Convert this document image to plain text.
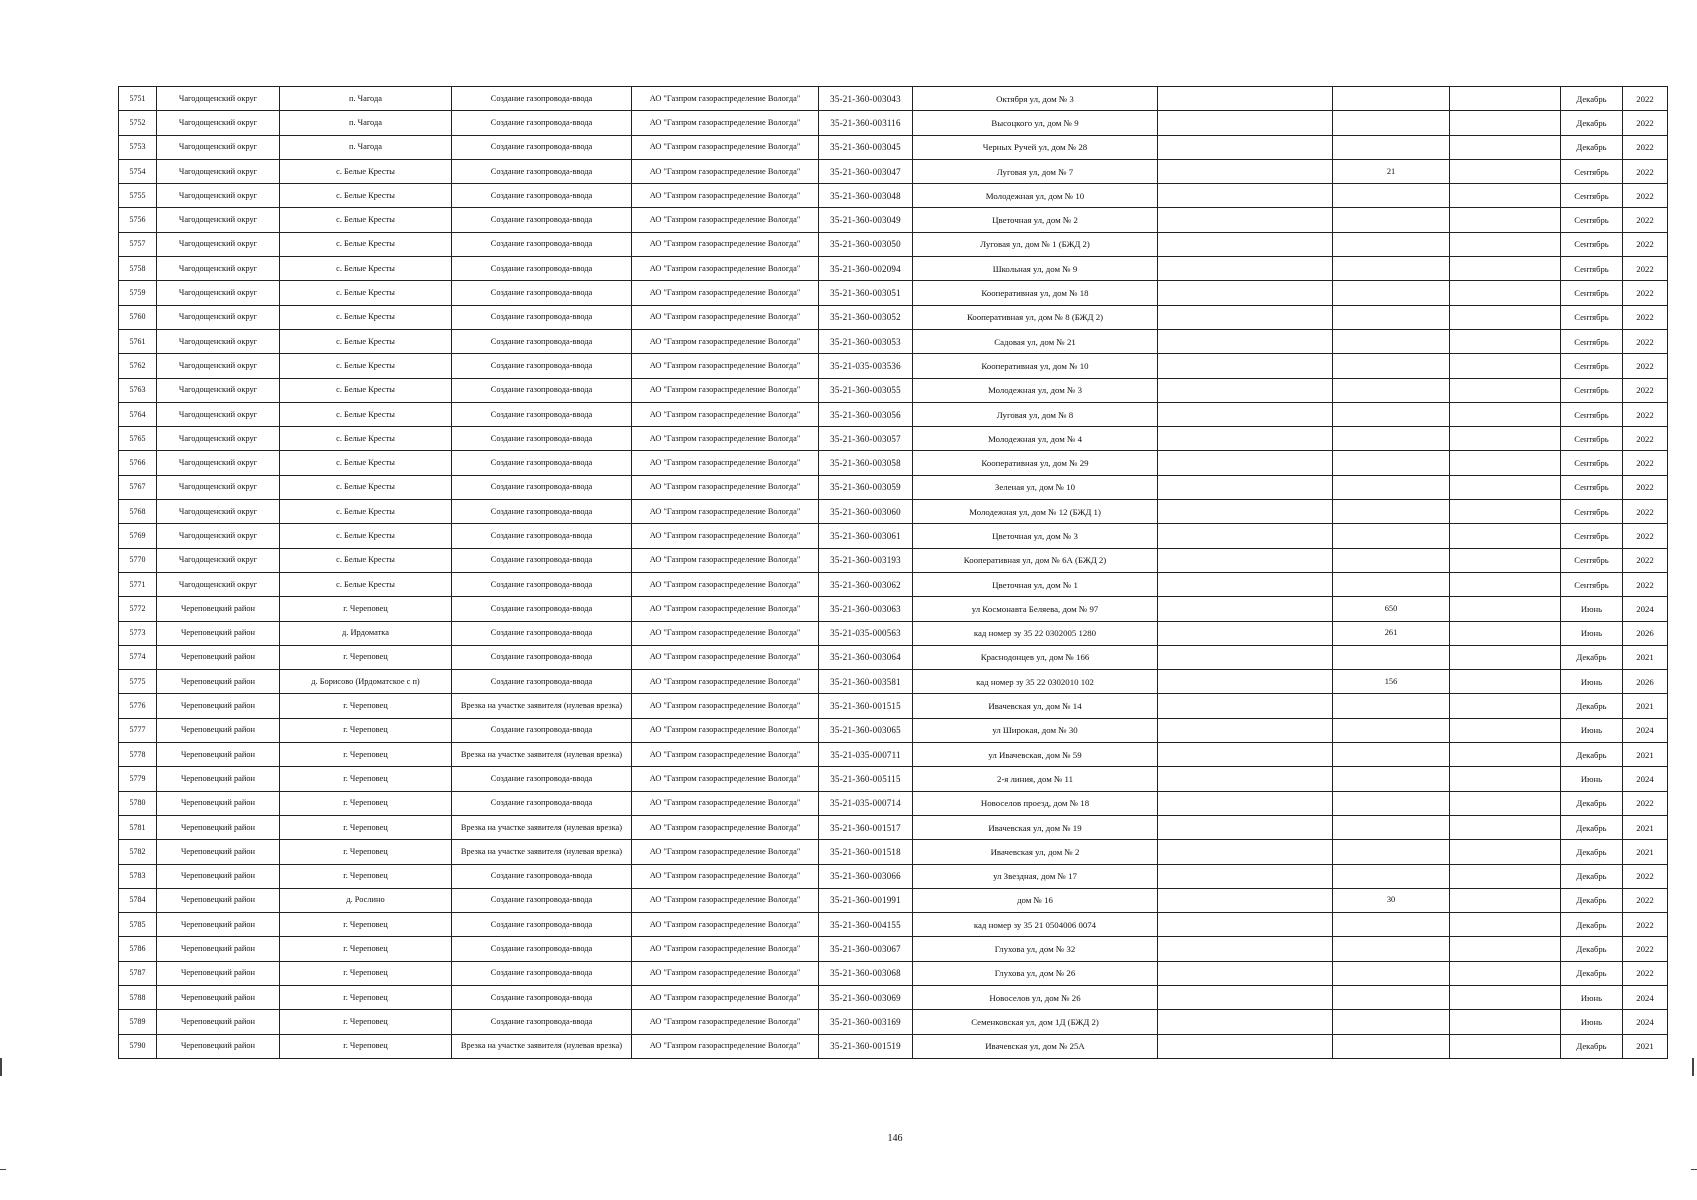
5751	Чагодощенский округ	п. Чагода	Создание газопровода-ввода	АО "Газпром газораспределение Вологда"	35-21-360-003043	Октября ул, дом № 3				Декабрь	2022
5752	Чагодощенский округ	п. Чагода	Создание газопровода-ввода	АО "Газпром газораспределение Вологда"	35-21-360-003116	Высоцкого ул, дом № 9				Декабрь	2022
5753	Чагодощенский округ	п. Чагода	Создание газопровода-ввода	АО "Газпром газораспределение Вологда"	35-21-360-003045	Черных Ручей ул, дом № 28				Декабрь	2022
5754	Чагодощенский округ	с. Белые Кресты	Создание газопровода-ввода	АО "Газпром газораспределение Вологда"	35-21-360-003047	Луговая ул, дом № 7		21		Сентябрь	2022
5755	Чагодощенский округ	с. Белые Кресты	Создание газопровода-ввода	АО "Газпром газораспределение Вологда"	35-21-360-003048	Молодежная ул, дом № 10				Сентябрь	2022
5756	Чагодощенский округ	с. Белые Кресты	Создание газопровода-ввода	АО "Газпром газораспределение Вологда"	35-21-360-003049	Цветочная ул, дом № 2				Сентябрь	2022
5757	Чагодощенский округ	с. Белые Кресты	Создание газопровода-ввода	АО "Газпром газораспределение Вологда"	35-21-360-003050	Луговая ул, дом № 1 (БЖД 2)				Сентябрь	2022
5758	Чагодощенский округ	с. Белые Кресты	Создание газопровода-ввода	АО "Газпром газораспределение Вологда"	35-21-360-002094	Школьная ул, дом № 9				Сентябрь	2022
5759	Чагодощенский округ	с. Белые Кресты	Создание газопровода-ввода	АО "Газпром газораспределение Вологда"	35-21-360-003051	Кооперативная ул, дом № 18				Сентябрь	2022
5760	Чагодощенский округ	с. Белые Кресты	Создание газопровода-ввода	АО "Газпром газораспределение Вологда"	35-21-360-003052	Кооперативная ул, дом № 8 (БЖД 2)				Сентябрь	2022
5761	Чагодощенский округ	с. Белые Кресты	Создание газопровода-ввода	АО "Газпром газораспределение Вологда"	35-21-360-003053	Садовая ул, дом № 21				Сентябрь	2022
5762	Чагодощенский округ	с. Белые Кресты	Создание газопровода-ввода	АО "Газпром газораспределение Вологда"	35-21-035-003536	Кооперативная ул, дом № 10				Сентябрь	2022
5763	Чагодощенский округ	с. Белые Кресты	Создание газопровода-ввода	АО "Газпром газораспределение Вологда"	35-21-360-003055	Молодежная ул, дом № 3				Сентябрь	2022
5764	Чагодощенский округ	с. Белые Кресты	Создание газопровода-ввода	АО "Газпром газораспределение Вологда"	35-21-360-003056	Луговая ул, дом № 8				Сентябрь	2022
5765	Чагодощенский округ	с. Белые Кресты	Создание газопровода-ввода	АО "Газпром газораспределение Вологда"	35-21-360-003057	Молодежная ул, дом № 4				Сентябрь	2022
5766	Чагодощенский округ	с. Белые Кресты	Создание газопровода-ввода	АО "Газпром газораспределение Вологда"	35-21-360-003058	Кооперативная ул, дом № 29				Сентябрь	2022
5767	Чагодощенский округ	с. Белые Кресты	Создание газопровода-ввода	АО "Газпром газораспределение Вологда"	35-21-360-003059	Зеленая ул, дом № 10				Сентябрь	2022
5768	Чагодощенский округ	с. Белые Кресты	Создание газопровода-ввода	АО "Газпром газораспределение Вологда"	35-21-360-003060	Молодежная ул, дом № 12 (БЖД 1)				Сентябрь	2022
5769	Чагодощенский округ	с. Белые Кресты	Создание газопровода-ввода	АО "Газпром газораспределение Вологда"	35-21-360-003061	Цветочная ул, дом № 3				Сентябрь	2022
5770	Чагодощенский округ	с. Белые Кресты	Создание газопровода-ввода	АО "Газпром газораспределение Вологда"	35-21-360-003193	Кооперативная ул, дом № 6А (БЖД 2)				Сентябрь	2022
5771	Чагодощенский округ	с. Белые Кресты	Создание газопровода-ввода	АО "Газпром газораспределение Вологда"	35-21-360-003062	Цветочная ул, дом № 1				Сентябрь	2022
5772	Череповецкий район	г. Череповец	Создание газопровода-ввода	АО "Газпром газораспределение Вологда"	35-21-360-003063	ул Космонавта Беляева, дом № 97		650		Июнь	2024
5773	Череповецкий район	д. Ирдоматка	Создание газопровода-ввода	АО "Газпром газораспределение Вологда"	35-21-035-000563	кад номер зу 35 22 0302005 1280		261		Июнь	2026
5774	Череповецкий район	г. Череповец	Создание газопровода-ввода	АО "Газпром газораспределение Вологда"	35-21-360-003064	Краснодонцев ул, дом № 166				Декабрь	2021
5775	Череповецкий район	д. Борисово (Ирдоматское с п)	Создание газопровода-ввода	АО "Газпром газораспределение Вологда"	35-21-360-003581	кад номер зу 35 22 0302010 102		156		Июнь	2026
5776	Череповецкий район	г. Череповец	Врезка на участке заявителя (нулевая врезка)	АО "Газпром газораспределение Вологда"	35-21-360-001515	Ивачевская ул, дом № 14				Декабрь	2021
5777	Череповецкий район	г. Череповец	Создание газопровода-ввода	АО "Газпром газораспределение Вологда"	35-21-360-003065	ул Широкая, дом № 30				Июнь	2024
5778	Череповецкий район	г. Череповец	Врезка на участке заявителя (нулевая врезка)	АО "Газпром газораспределение Вологда"	35-21-035-000711	ул Ивачевская, дом № 59				Декабрь	2021
5779	Череповецкий район	г. Череповец	Создание газопровода-ввода	АО "Газпром газораспределение Вологда"	35-21-360-005115	2-я линия, дом № 11				Июнь	2024
5780	Череповецкий район	г. Череповец	Создание газопровода-ввода	АО "Газпром газораспределение Вологда"	35-21-035-000714	Новоселов проезд, дом № 18				Декабрь	2022
5781	Череповецкий район	г. Череповец	Врезка на участке заявителя (нулевая врезка)	АО "Газпром газораспределение Вологда"	35-21-360-001517	Ивачевская ул, дом № 19				Декабрь	2021
5782	Череповецкий район	г. Череповец	Врезка на участке заявителя (нулевая врезка)	АО "Газпром газораспределение Вологда"	35-21-360-001518	Ивачевская ул, дом № 2				Декабрь	2021
5783	Череповецкий район	г. Череповец	Создание газопровода-ввода	АО "Газпром газораспределение Вологда"	35-21-360-003066	ул Звездная, дом № 17				Декабрь	2022
5784	Череповецкий район	д. Рослино	Создание газопровода-ввода	АО "Газпром газораспределение Вологда"	35-21-360-001991	дом № 16		30		Декабрь	2022
5785	Череповецкий район	г. Череповец	Создание газопровода-ввода	АО "Газпром газораспределение Вологда"	35-21-360-004155	кад номер зу 35 21 0504006 0074				Декабрь	2022
5786	Череповецкий район	г. Череповец	Создание газопровода-ввода	АО "Газпром газораспределение Вологда"	35-21-360-003067	Глухова ул, дом № 32				Декабрь	2022
5787	Череповецкий район	г. Череповец	Создание газопровода-ввода	АО "Газпром газораспределение Вологда"	35-21-360-003068	Глухова ул, дом № 26				Декабрь	2022
5788	Череповецкий район	г. Череповец	Создание газопровода-ввода	АО "Газпром газораспределение Вологда"	35-21-360-003069	Новоселов ул, дом № 26				Июнь	2024
5789	Череповецкий район	г. Череповец	Создание газопровода-ввода	АО "Газпром газораспределение Вологда"	35-21-360-003169	Семенковская ул, дом 1Д (БЖД 2)				Июнь	2024
5790	Череповецкий район	г. Череповец	Врезка на участке заявителя (нулевая врезка)	АО "Газпром газораспределение Вологда"	35-21-360-001519	Ивачевская ул, дом № 25А				Декабрь	2021
146
